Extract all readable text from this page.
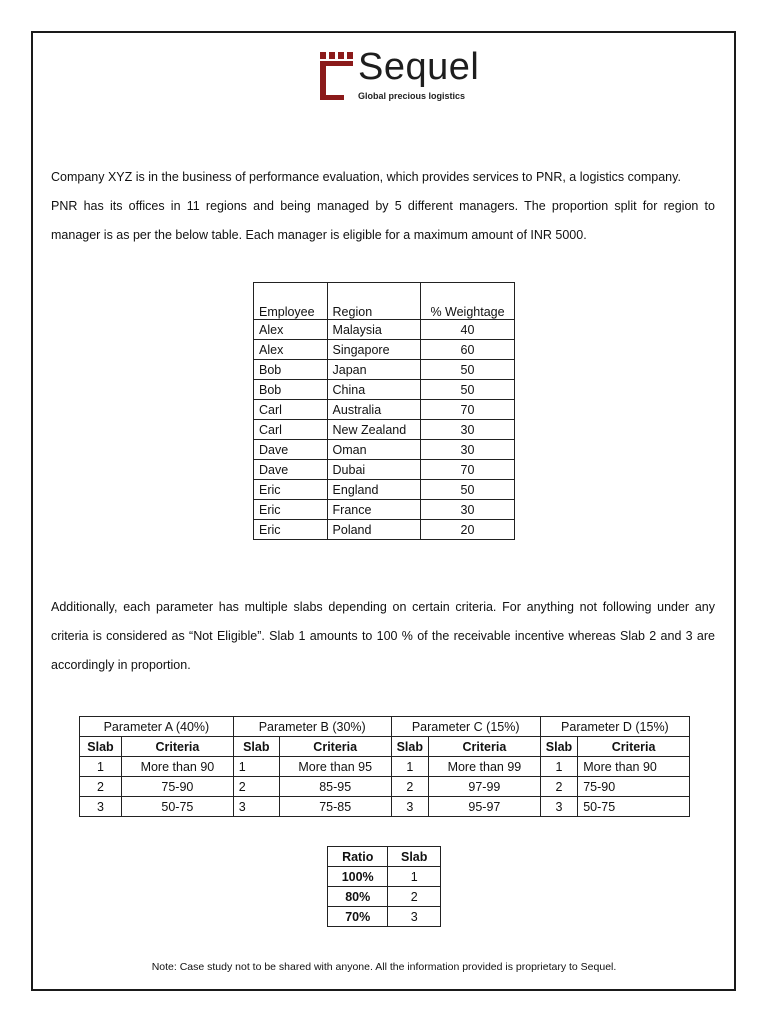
Sequel
Global precious logistics

Company XYZ is in the business of performance evaluation, which provides services to PNR, a logistics company.

PNR has its offices in 11 regions and being managed by 5 different managers. The proportion split for region to manager is as per the below table. Each manager is eligible for a maximum amount of INR 5000.

Employee	Region	% Weightage
Alex	Malaysia	40
Alex	Singapore	60
Bob	Japan	50
Bob	China	50
Carl	Australia	70
Carl	New Zealand	30
Dave	Oman	30
Dave	Dubai	70
Eric	England	50
Eric	France	30
Eric	Poland	20
Additionally, each parameter has multiple slabs depending on certain criteria. For anything not following under any criteria is considered as “Not Eligible”. Slab 1 amounts to 100 % of the receivable incentive whereas Slab 2 and 3 are accordingly in proportion.
Parameter A (40%)		Parameter B (30%)		Parameter C (15%)		Parameter D (15%)	
Slab	Criteria	Slab	Criteria	Slab	Criteria	Slab	Criteria
1	More than 90	1	More than 95	1	More than 99	1	More than 90
2	75-90	2	85-95	2	97-99	2	75-90
3	50-75	3	75-85	3	95-97	3	50-75
Ratio	Slab
100%	1
80%	2
70%	3
Note: Case study not to be shared with anyone. All the information provided is proprietary to Sequel.
